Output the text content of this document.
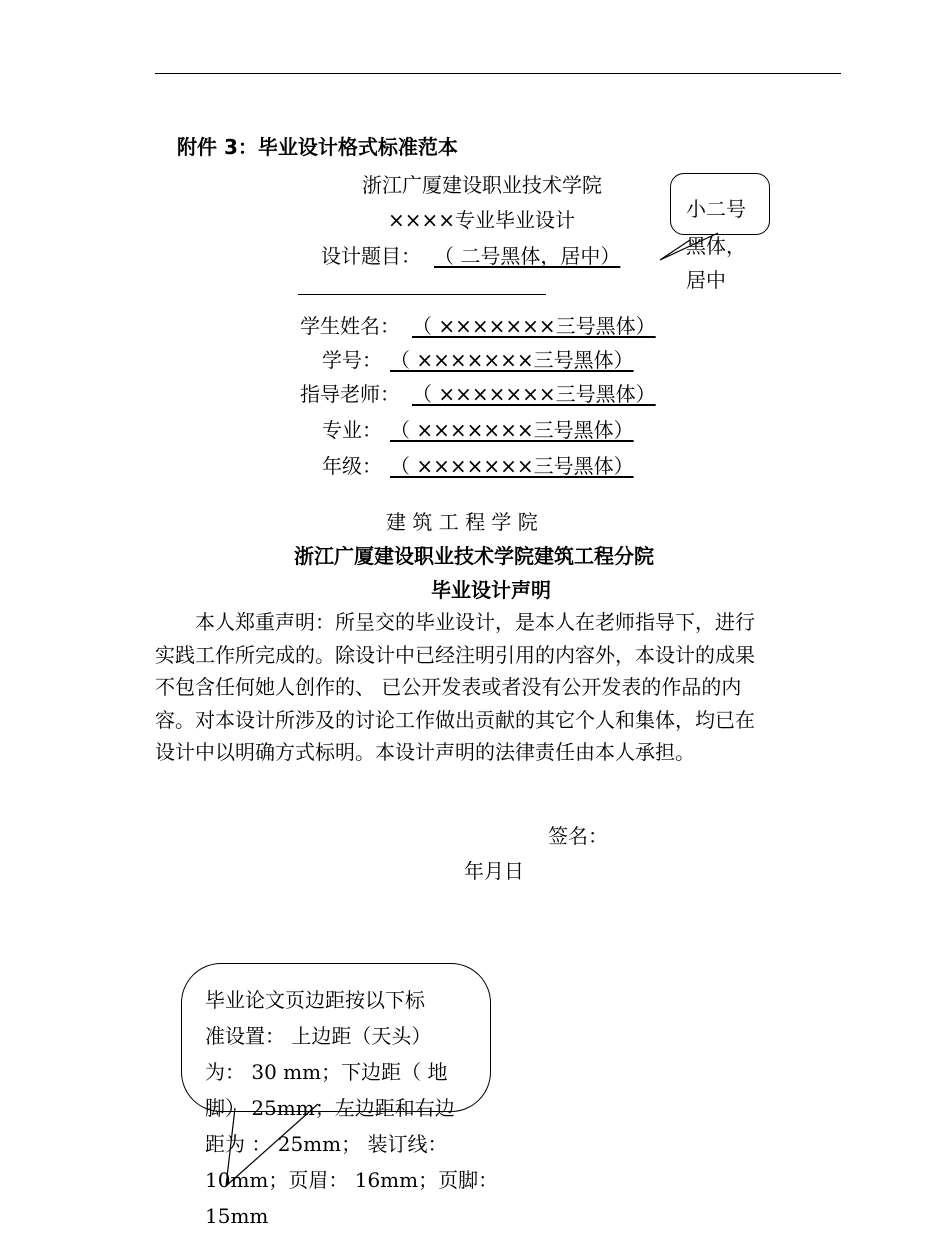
附件 3：毕业设计格式标准范本
浙江广厦建设职业技术学院
××××专业毕业设计
设计题目： （ 二号黑体，居中）
小二号
黑体，
居中
学生姓名： （ ×××××××三号黑体）
学号： （ ×××××××三号黑体）
指导老师： （ ×××××××三号黑体）
专业： （ ×××××××三号黑体）
年级： （ ×××××××三号黑体）
建 筑 工 程 学 院
浙江广厦建设职业技术学院建筑工程分院
毕业设计声明
　　本人郑重声明：所呈交的毕业设计，是本人在老师指导下，进行
实践工作所完成的。除设计中已经注明引用的内容外，本设计的成果
不包含任何她人创作的、 已公开发表或者没有公开发表的作品的内
容。对本设计所涉及的讨论工作做出贡献的其它个人和集体，均已在
设计中以明确方式标明。本设计声明的法律责任由本人承担。
签名：
年月日
毕业论文页边距按以下标
准设置： 上边距（天头）
为： 30 mm；下边距（ 地
脚） 25mm；左边距和右边
距为 ： 25mm； 装订线：
10mm；页眉： 16mm；页脚：
15mm
